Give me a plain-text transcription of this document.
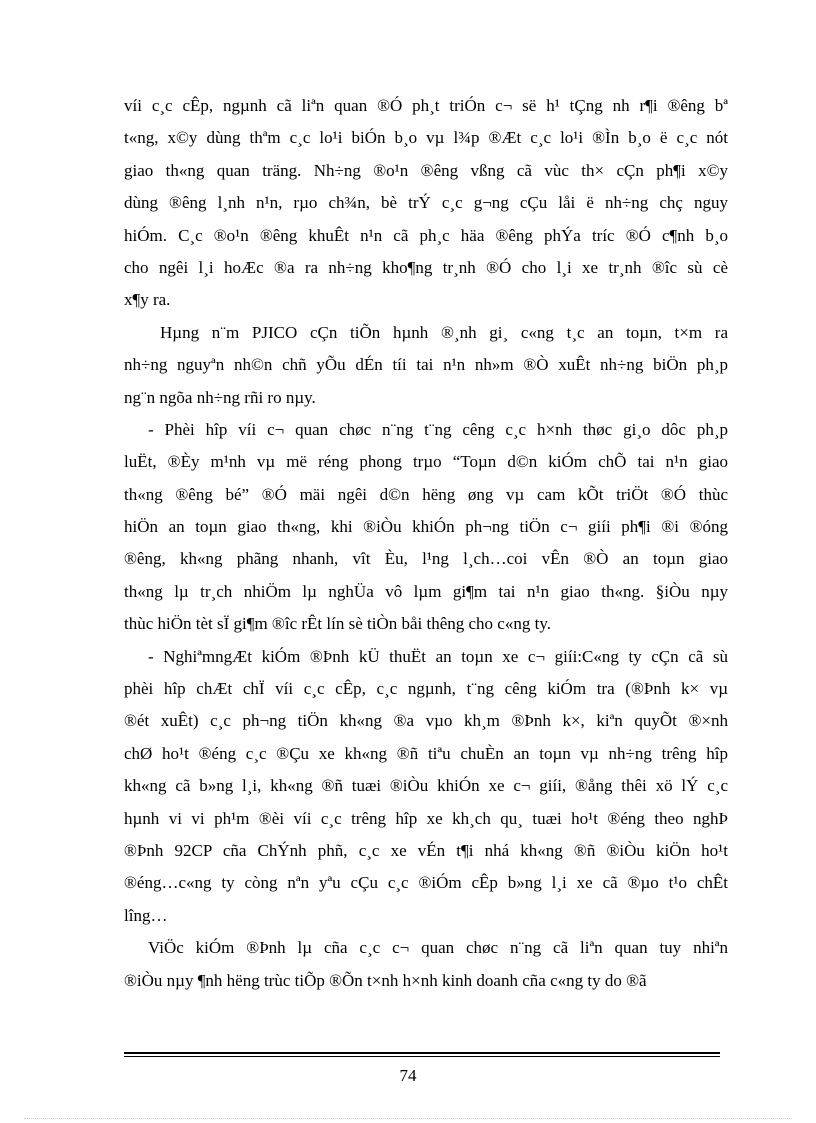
víi c¸c cÊp, ngµnh cã liªn quan ®Ó ph¸t triÓn c¬ së h¹ tÇng nh r¶i ®êng bª
t«ng, x©y dùng thªm c¸c lo¹i biÓn b¸o vµ l¾p ®Æt c¸c lo¹i ®Ìn b¸o ë c¸c nót
giao th«ng quan träng. Nh÷ng ®o¹n ®êng vßng cã vùc th× cÇn ph¶i x©y
dùng ®êng l¸nh n¹n, rµo ch¾n, bè trÝ c¸c g¬ng cÇu låi ë nh÷ng chç nguy
hiÓm. C¸c ®o¹n ®êng khuÊt n¹n cã ph¸c häa ®êng phÝa tríc ®Ó c¶nh b¸o
cho ngêi l¸i hoÆc ®a ra nh÷ng kho¶ng tr¸nh ®Ó cho l¸i xe tr¸nh ®îc sù cè
x¶y ra.
Hµng n¨m PJICO cÇn tiÕn hµnh ®¸nh gi¸ c«ng t¸c an toµn, t×m ra
nh÷ng nguyªn nh©n chñ yÕu dÉn tíi tai n¹n nh»m ®Ò xuÊt nh÷ng biÖn ph¸p
ng¨n ngõa nh÷ng rñi ro nµy.
- Phèi hîp víi c¬ quan chøc n¨ng t¨ng cêng c¸c h×nh thøc gi¸o dôc ph¸p
luËt, ®Èy m¹nh vµ më réng phong trµo “Toµn d©n kiÓm chÕ tai n¹n giao
th«ng ®êng bé” ®Ó mäi ngêi d©n hëng øng vµ cam kÕt triÖt ®Ó thùc
hiÖn an toµn giao th«ng, khi ®iÒu khiÓn ph¬ng tiÖn c¬ giíi ph¶i ®i ®óng
®êng, kh«ng phãng nhanh, vît Èu, l¹ng l¸ch…coi vÊn ®Ò an toµn giao
th«ng lµ tr¸ch nhiÖm lµ nghÜa vô lµm gi¶m tai n¹n giao th«ng. §iÒu nµy
thùc hiÖn tèt sÏ gi¶m ®îc rÊt lín sè tiÒn båi thêng cho c«ng ty.
- NghiªmngÆt kiÓm ®Þnh kÜ thuËt an toµn xe c¬ giíi:C«ng ty cÇn cã sù
phèi hîp chÆt chÏ víi c¸c cÊp, c¸c ngµnh, t¨ng cêng kiÓm tra (®Þnh k× vµ
®ét xuÊt) c¸c ph¬ng tiÖn kh«ng ®a vµo kh¸m ®Þnh k×, kiªn quyÕt ®×nh
chØ ho¹t ®éng c¸c ®Çu xe kh«ng ®ñ tiªu chuÈn an toµn vµ nh÷ng trêng hîp
kh«ng cã b»ng l¸i, kh«ng ®ñ tuæi ®iÒu khiÓn xe c¬ giíi, ®ång thêi xö lÝ c¸c
hµnh vi vi ph¹m ®èi víi c¸c trêng hîp xe kh¸ch qu¸ tuæi ho¹t ®éng theo nghÞ
®Þnh 92CP cña ChÝnh phñ, c¸c xe vÉn t¶i nhá kh«ng ®ñ ®iÒu kiÖn ho¹t
®éng…c«ng ty còng nªn yªu cÇu c¸c ®iÓm cÊp b»ng l¸i xe cã ®µo t¹o chÊt
lîng…
ViÖc kiÓm ®Þnh lµ cña c¸c c¬ quan chøc n¨ng cã liªn quan tuy nhiªn
®iÒu nµy ¶nh hëng trùc tiÕp ®Õn t×nh h×nh kinh doanh cña c«ng ty do ®ã
74
